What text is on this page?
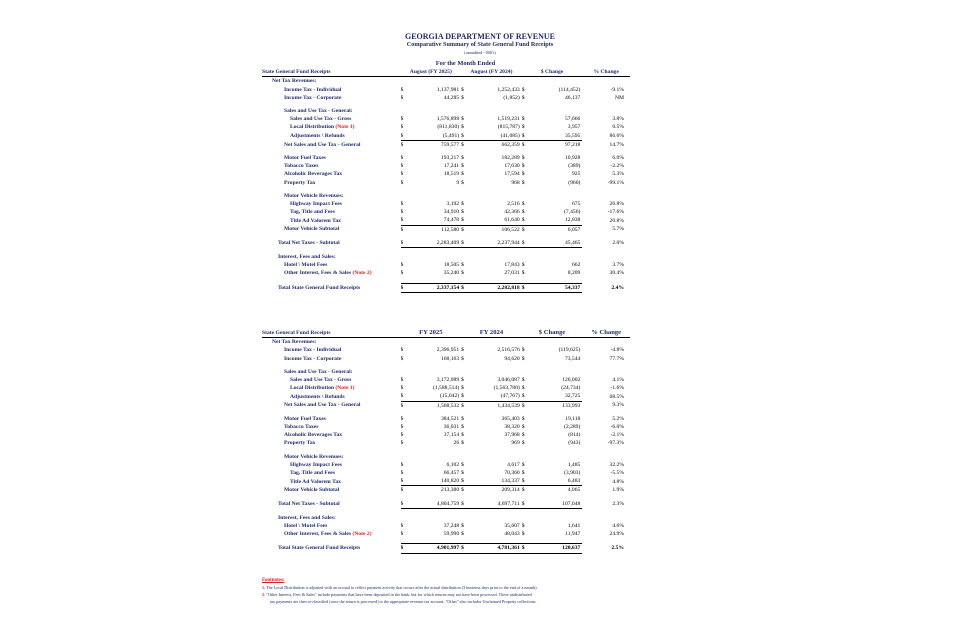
GEORGIA DEPARTMENT OF REVENUE
Comparative Summary of State General Fund Receipts
(unaudited - 000's)
	For the Month Ended						
State General Fund Receipts	August (FY 2025)		August (FY 2024)		$ Change		% Change
Net Tax Revenues:							
Income Tax - Individual	$	1,137,981	$	1,252,433	$	(114,452)	-9.1%
Income Tax - Corporate	$	44,285	$	(1,852)	$	46,137	NM

Sales and Use Tax - General:							
Sales and Use Tax - Gross	$	1,576,898	$	1,519,231	$	57,666	3.8%
Local Distribution (Note 1)	$	(811,830)	$	(815,787)	$	3,957	0.5%
Adjustments \ Refunds	$	(5,491)	$	(41,085)	$	35,595	86.6%
Net Sales and Use Tax - General	$	759,577	$	662,359	$	97,218	14.7%

Motor Fuel Taxes	$	193,217	$	182,289	$	10,928	6.0%
Tobacco Taxes	$	17,241	$	17,630	$	(389)	-2.2%
Alcoholic Beverages Tax	$	18,519	$	17,594	$	925	5.3%
Property Tax	$	9	$	968	$	(960)	-99.1%

Motor Vehicle Revenues:							
Highway Impact Fees	$	3,192	$	2,516	$	675	26.8%
Tag, Title and Fees	$	34,910	$	42,366	$	(7,456)	-17.6%
Title Ad Valorem Tax	$	74,478	$	61,640	$	12,838	20.8%
Motor Vehicle Subtotal	$	112,580	$	106,522	$	6,057	5.7%

Total Net Taxes - Subtotal	$	2,283,409	$	2,237,944	$	45,465	2.0%

Interest, Fees and Sales:							
Hotel \ Motel Fees	$	18,505	$	17,843	$	662	3.7%
Other Interest, Fees & Sales (Note 2)	$	35,240	$	27,031	$	8,209	30.4%

Total State General Fund Receipts	$	2,337,154	$	2,282,818	$	54,337	2.4%
State General Fund Receipts	FY 2025		FY 2024		$ Change		% Change
Net Tax Revenues:							
Income Tax - Individual	$	2,396,951	$	2,516,576	$	(119,625)	-4.8%
Income Tax - Corporate	$	168,163	$	94,620	$	73,544	77.7%

Sales and Use Tax - General:							
Sales and Use Tax - Gross	$	3,172,089	$	3,046,087	$	126,002	4.1%
Local Distribution (Note 1)	$	(1,588,514)	$	(1,563,780)	$	(24,734)	-1.6%
Adjustments \ Refunds	$	(15,042)	$	(47,767)	$	32,725	68.5%
Net Sales and Use Tax - General	$	1,568,532	$	1,434,539	$	133,993	9.3%

Motor Fuel Taxes	$	384,521	$	365,403	$	19,118	5.2%
Tobacco Taxes	$	36,031	$	38,320	$	(2,289)	-6.0%
Alcoholic Beverages Tax	$	37,154	$	37,968	$	(814)	-2.1%
Property Tax	$	26	$	969	$	(943)	-97.3%

Motor Vehicle Revenues:							
Highway Impact Fees	$	6,102	$	4,617	$	1,485	32.2%
Tag, Title and Fees	$	66,457	$	70,360	$	(3,903)	-5.5%
Title Ad Valorem Tax	$	140,820	$	134,337	$	6,483	4.8%
Motor Vehicle Subtotal	$	213,380	$	209,314	$	4,065	1.9%

Total Net Taxes - Subtotal	$	4,804,759	$	4,697,711	$	107,048	2.3%

Interest, Fees and Sales:							
Hotel \ Motel Fees	$	37,248	$	35,607	$	1,641	4.6%
Other Interest, Fees & Sales (Note 2)	$	59,990	$	48,043	$	11,947	24.9%

Total State General Fund Receipts	$	4,901,997	$	4,781,361	$	120,637	2.5%
Footnotes:
1. The Local Distribution is adjusted with an accrual to reflect payment activity that occurs after the actual distribution (3 business days prior to the end of a month).
2. "Other Interest, Fees & Sales" include payments that have been deposited in the bank, but for which returns may not have been processed. These undistributed
tax payments are then re-classified (once the return is processed) to the appropriate revenue tax account. "Other" also includes Unclaimed Property collections.
